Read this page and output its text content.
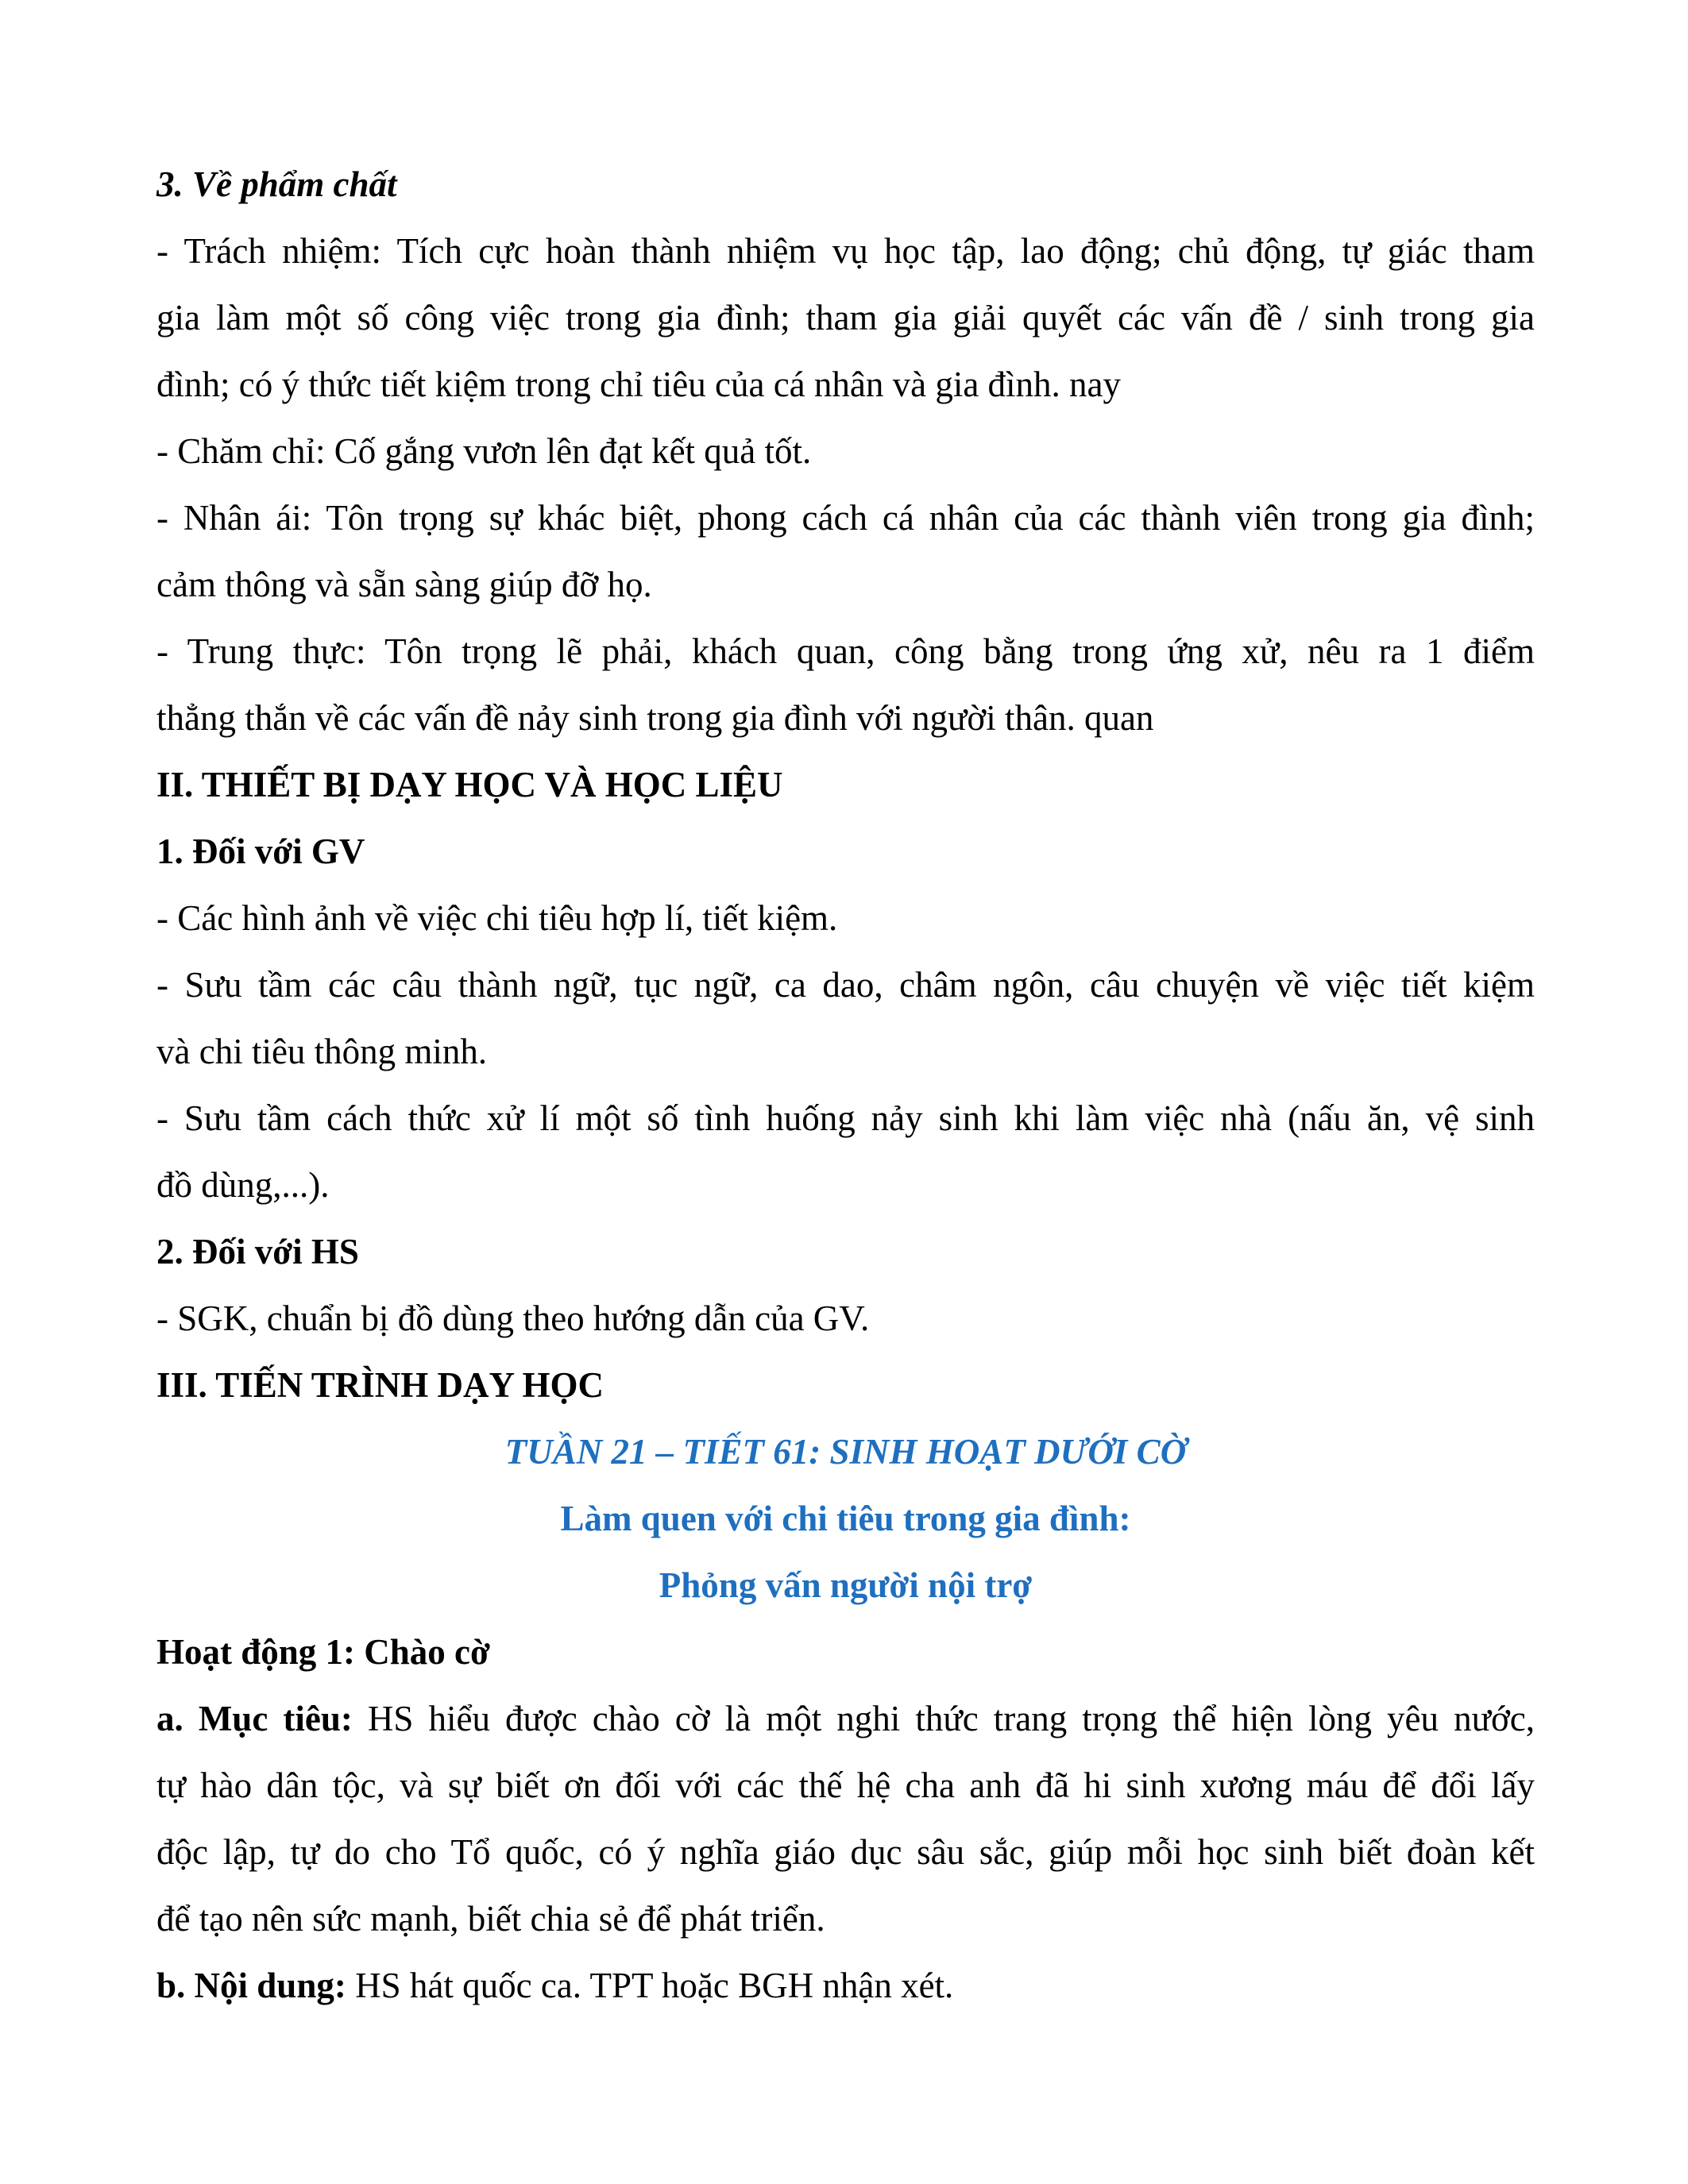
3. Về phẩm chất
- Trách nhiệm: Tích cực hoàn thành nhiệm vụ học tập, lao động; chủ động, tự giác tham
gia làm một số công việc trong gia đình; tham gia giải quyết các vấn đề / sinh trong gia
đình; có ý thức tiết kiệm trong chỉ tiêu của cá nhân và gia đình. nay
- Chăm chỉ: Cố gắng vươn lên đạt kết quả tốt.
- Nhân ái: Tôn trọng sự khác biệt, phong cách cá nhân của các thành viên trong gia đình;
cảm thông và sẵn sàng giúp đỡ họ.
- Trung thực: Tôn trọng lẽ phải, khách quan, công bằng trong ứng xử, nêu ra 1 điểm
thẳng thắn về các vấn đề nảy sinh trong gia đình với người thân. quan
II. THIẾT BỊ DẠY HỌC VÀ HỌC LIỆU
1. Đối với GV
- Các hình ảnh về việc chi tiêu hợp lí, tiết kiệm.
- Sưu tầm các câu thành ngữ, tục ngữ, ca dao, châm ngôn, câu chuyện về việc tiết kiệm
và chi tiêu thông minh.
- Sưu tầm cách thức xử lí một số tình huống nảy sinh khi làm việc nhà (nấu ăn, vệ sinh
đồ dùng,...).
2. Đối với HS
- SGK, chuẩn bị đồ dùng theo hướng dẫn của GV.
III. TIẾN TRÌNH DẠY HỌC
TUẦN 21 – TIẾT 61: SINH HOẠT DƯỚI CỜ
Làm quen với chi tiêu trong gia đình:
Phỏng vấn người nội trợ
Hoạt động 1: Chào cờ
a. Mục tiêu: HS hiểu được chào cờ là một nghi thức trang trọng thể hiện lòng yêu nước,
tự hào dân tộc, và sự biết ơn đối với các thế hệ cha anh đã hi sinh xương máu để đổi lấy
độc lập, tự do cho Tổ quốc, có ý nghĩa giáo dục sâu sắc, giúp mỗi học sinh biết đoàn kết
để tạo nên sức mạnh, biết chia sẻ để phát triển.
b. Nội dung: HS hát quốc ca. TPT hoặc BGH nhận xét.
